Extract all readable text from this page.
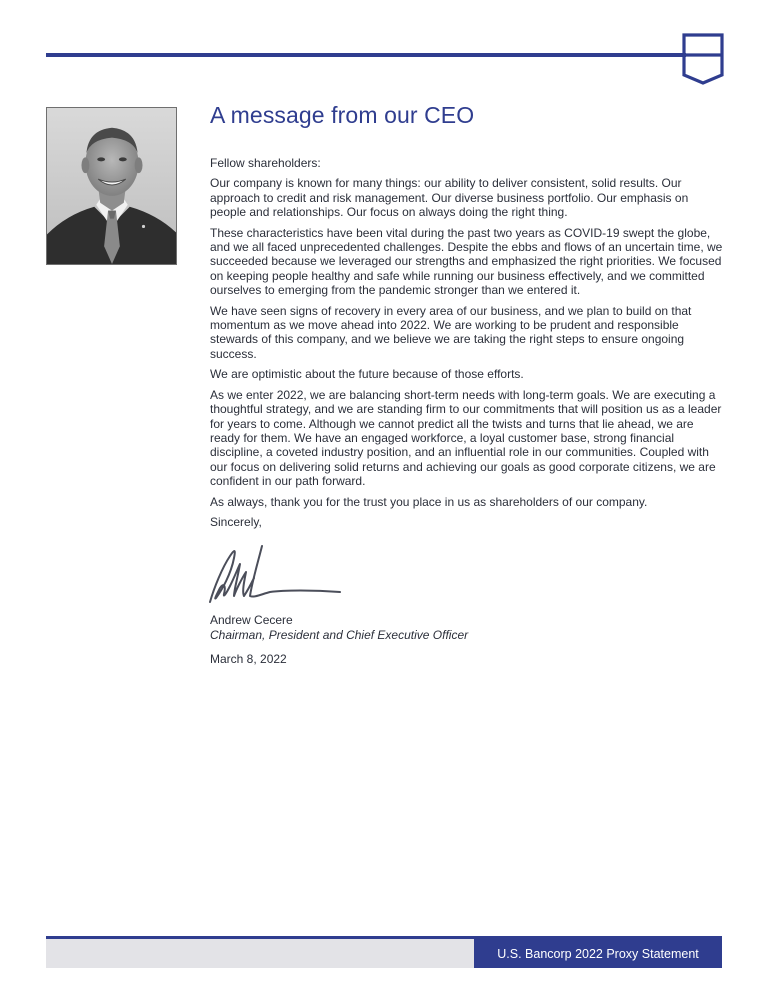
A message from our CEO

Fellow shareholders:

Our company is known for many things: our ability to deliver consistent, solid results. Our approach to credit and risk management. Our diverse business portfolio. Our emphasis on people and relationships. Our focus on always doing the right thing.

These characteristics have been vital during the past two years as COVID-19 swept the globe, and we all faced unprecedented challenges. Despite the ebbs and flows of an uncertain time, we succeeded because we leveraged our strengths and emphasized the right priorities. We focused on keeping people healthy and safe while running our business effectively, and we committed ourselves to emerging from the pandemic stronger than we entered it.

We have seen signs of recovery in every area of our business, and we plan to build on that momentum as we move ahead into 2022. We are working to be prudent and responsible stewards of this company, and we believe we are taking the right steps to ensure ongoing success.

We are optimistic about the future because of those efforts.

As we enter 2022, we are balancing short-term needs with long-term goals. We are executing a thoughtful strategy, and we are standing firm to our commitments that will position us as a leader for years to come. Although we cannot predict all the twists and turns that lie ahead, we are ready for them. We have an engaged workforce, a loyal customer base, strong financial discipline, a coveted industry position, and an influential role in our communities. Coupled with our focus on delivering solid returns and achieving our goals as good corporate citizens, we are confident in our path forward.

As always, thank you for the trust you place in us as shareholders of our company.

Sincerely,

Andrew Cecere
Chairman, President and Chief Executive Officer
March 8, 2022
U.S. Bancorp 2022 Proxy Statement
